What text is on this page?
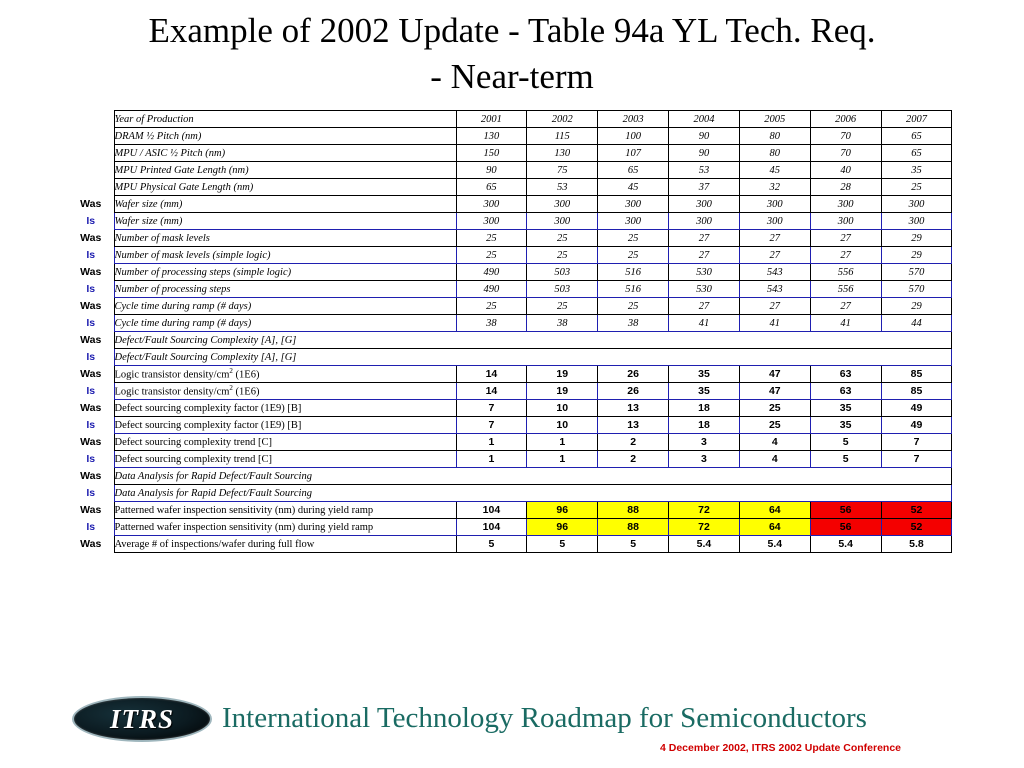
Example of 2002 Update - Table 94a YL Tech. Req.
- Near-term
	Year of Production	2001	2002	2003	2004	2005	2006	2007
	DRAM ½ Pitch (nm)	130	115	100	90	80	70	65
	MPU / ASIC ½ Pitch (nm)	150	130	107	90	80	70	65
	MPU Printed Gate Length (nm)	90	75	65	53	45	40	35
	MPU Physical Gate Length (nm)	65	53	45	37	32	28	25
Was	Wafer size (mm)	300	300	300	300	300	300	300
Is	Wafer size (mm)	300	300	300	300	300	300	300
Was	Number of mask levels	25	25	25	27	27	27	29
Is	Number of mask levels (simple logic)	25	25	25	27	27	27	29
Was	Number of processing steps (simple logic)	490	503	516	530	543	556	570
Is	Number of processing steps	490	503	516	530	543	556	570
Was	Cycle time during ramp (# days)	25	25	25	27	27	27	29
Is	Cycle time during ramp (# days)	38	38	38	41	41	41	44
Was	Defect/Fault Sourcing Complexity [A], [G]							
Is	Defect/Fault Sourcing Complexity [A], [G]							
Was	Logic transistor density/$cm^2$ (1E6)	14	19	26	35	47	63	85
Is	Logic transistor density/$cm^2$ (1E6)	14	19	26	35	47	63	85
Was	Defect sourcing complexity factor (1E9) [B]	7	10	13	18	25	35	49
Is	Defect sourcing complexity factor (1E9) [B]	7	10	13	18	25	35	49
Was	Defect sourcing complexity trend [C]	1	1	2	3	4	5	7
Is	Defect sourcing complexity trend [C]	1	1	2	3	4	5	7
Was	Data Analysis for Rapid Defect/Fault Sourcing							
Is	Data Analysis for Rapid Defect/Fault Sourcing							
Was	Patterned wafer inspection sensitivity (nm) during yield ramp	104	96	88	72	64	56	52
Is	Patterned wafer inspection sensitivity (nm) during yield ramp	104	96	88	72	64	56	52
Was	Average # of inspections/wafer during full flow	5	5	5	5.4	5.4	5.4	5.8
ITRS	International Technology Roadmap for Semiconductors
4 December 2002, ITRS 2002 Update Conference
